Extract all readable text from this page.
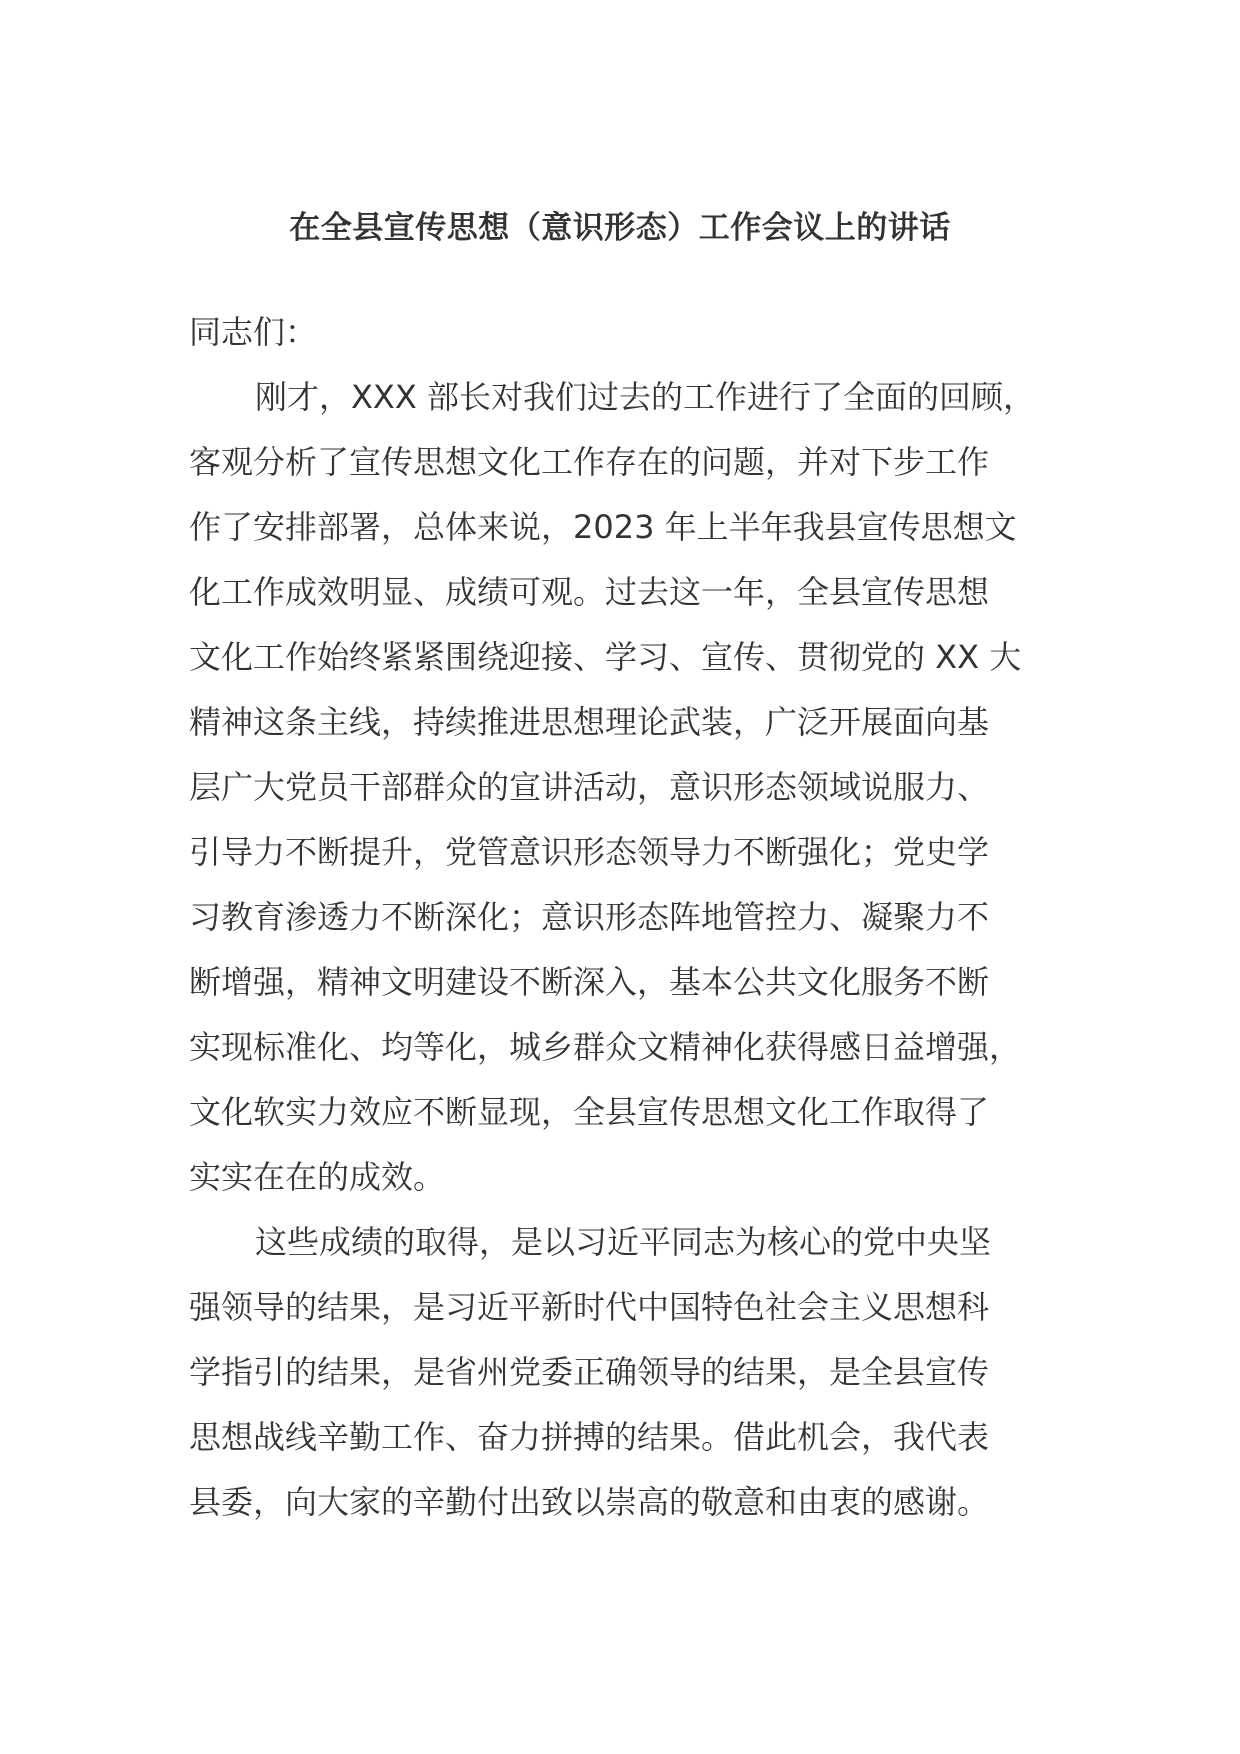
在全县宣传思想（意识形态）工作会议上的讲话
同志们：
刚才，XXX 部长对我们过去的工作进行了全面的回顾，
客观分析了宣传思想文化工作存在的问题，并对下步工作
作了安排部署，总体来说，2023 年上半年我县宣传思想文
化工作成效明显、成绩可观。过去这一年，全县宣传思想
文化工作始终紧紧围绕迎接、学习、宣传、贯彻党的 XX 大
精神这条主线，持续推进思想理论武装，广泛开展面向基
层广大党员干部群众的宣讲活动，意识形态领域说服力、
引导力不断提升，党管意识形态领导力不断强化；党史学
习教育渗透力不断深化；意识形态阵地管控力、凝聚力不
断增强，精神文明建设不断深入，基本公共文化服务不断
实现标准化、均等化，城乡群众文精神化获得感日益增强，
文化软实力效应不断显现，全县宣传思想文化工作取得了
实实在在的成效。
这些成绩的取得，是以习近平同志为核心的党中央坚
强领导的结果，是习近平新时代中国特色社会主义思想科
学指引的结果，是省州党委正确领导的结果，是全县宣传
思想战线辛勤工作、奋力拼搏的结果。借此机会，我代表
县委，向大家的辛勤付出致以崇高的敬意和由衷的感谢。
